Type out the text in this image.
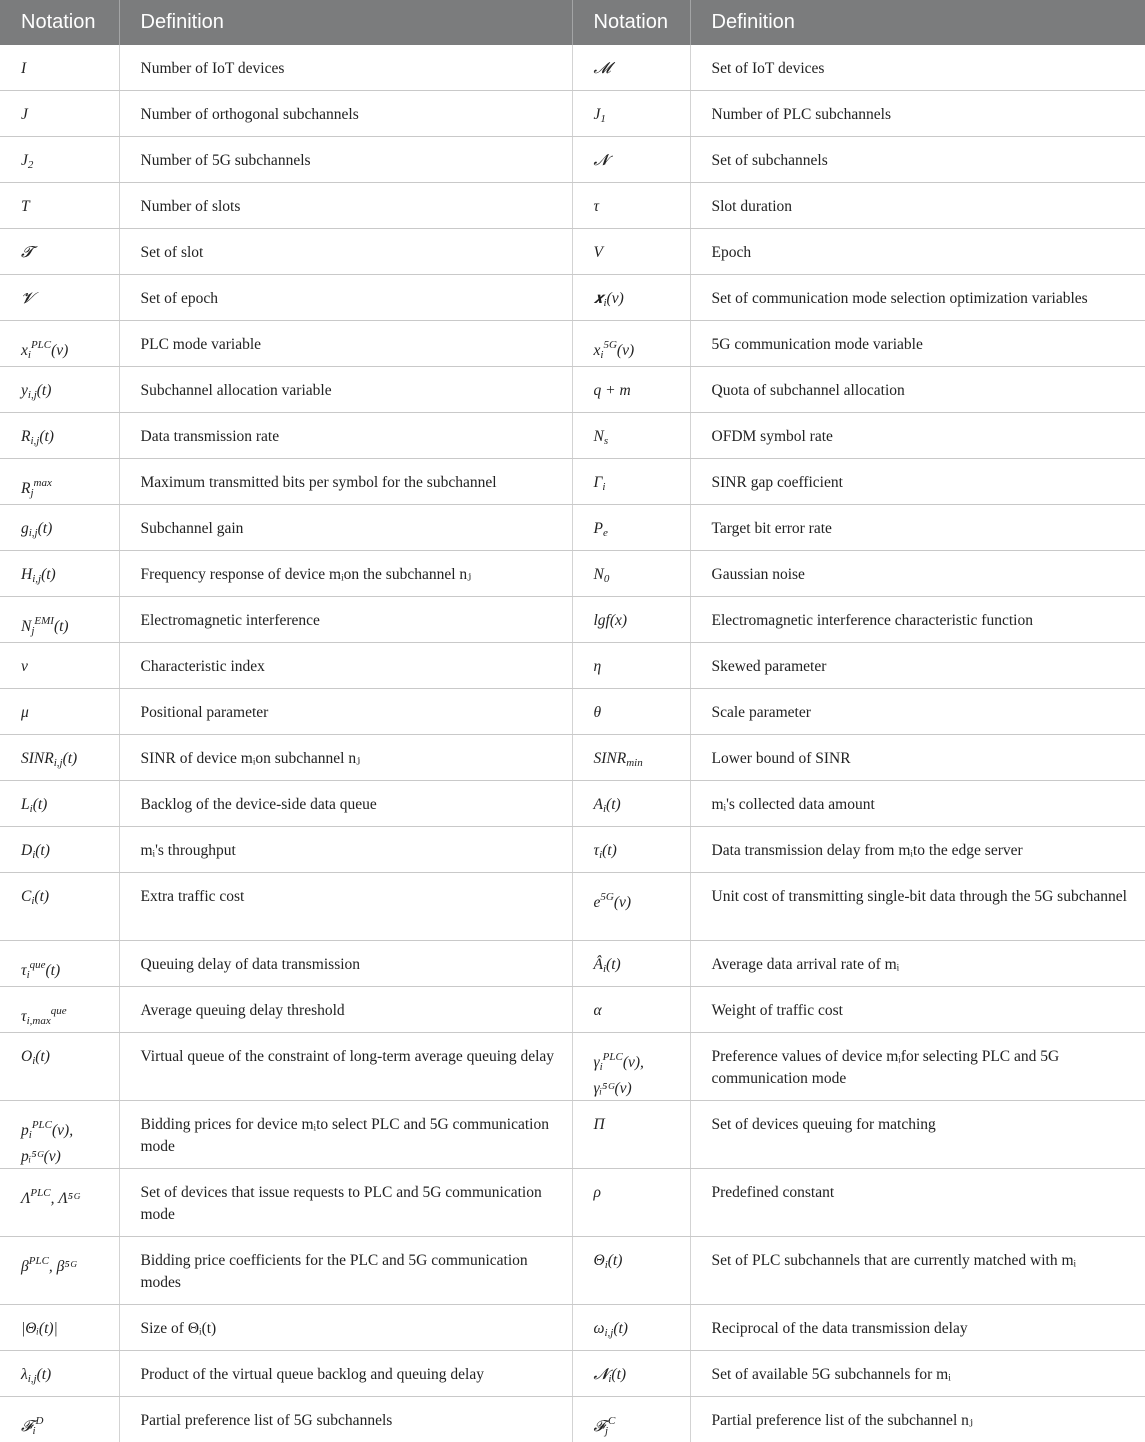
Notation	Definition	Notation	Definition
I	Number of IoT devices	𝓜	Set of IoT devices
J	Number of orthogonal subchannels	$J_1$	Number of PLC subchannels
$J_2$	Number of 5G subchannels	𝓝	Set of subchannels
T	Number of slots	τ	Slot duration
𝓣	Set of slot	V	Epoch
𝓥	Set of epoch	𝒙$_i$(v)	Set of communication mode selection optimization variables
$x_i^{PLC}(v)$	PLC mode variable	$x_i^{5G}(v)$	5G communication mode variable
$y_{i,j}(t)$	Subchannel allocation variable	q + m	Quota of subchannel allocation
$R_{i,j}(t)$	Data transmission rate	$N_s$	OFDM symbol rate
$R_j^{max}$	Maximum transmitted bits per symbol for the subchannel	$\Gamma_i$	SINR gap coefficient
$g_{i,j}(t)$	Subchannel gain	$P_e$	Target bit error rate
$H_{i,j}(t)$	Frequency response of device mᵢon the subchannel nⱼ	$N_0$	Gaussian noise
$N_j^{EMI}(t)$	Electromagnetic interference	lgf(x)	Electromagnetic interference characteristic function
v	Characteristic index	η	Skewed parameter
μ	Positional parameter	θ	Scale parameter
$SINR_{i,j}(t)$	SINR of device mᵢon subchannel nⱼ	$SINR_{min}$	Lower bound of SINR
$L_i(t)$	Backlog of the device-side data queue	$A_i(t)$	mᵢ's collected data amount
$D_i(t)$	mᵢ's throughput	$\tau_i(t)$	Data transmission delay from mᵢto the edge server
$C_i(t)$	Extra traffic cost	$e^{5G}(v)$	Unit cost of transmitting single-bit data through the 5G subchannel
$\tau_i^{que}(t)$	Queuing delay of data transmission	$Â_i(t)$	Average data arrival rate of mᵢ
$\tau_{i,max}^{que}$	Average queuing delay threshold	α	Weight of traffic cost
$O_i(t)$	Virtual queue of the constraint of long-term average queuing delay	$\gamma_i^{PLC}(v)$, γᵢ⁵ᴳ(v)	Preference values of device mᵢfor selecting PLC and 5G communication mode
$p_i^{PLC}(v)$, pᵢ⁵ᴳ(v)	Bidding prices for device mᵢto select PLC and 5G communication mode	Π	Set of devices queuing for matching
$\Lambda^{PLC}$, Λ⁵ᴳ	Set of devices that issue requests to PLC and 5G communication mode	ρ	Predefined constant
$\beta^{PLC}$, β⁵ᴳ	Bidding price coefficients for the PLC and 5G communication modes	$\Theta_i(t)$	Set of PLC subchannels that are currently matched with mᵢ
|Θᵢ(t)|	Size of Θᵢ(t)	$\omega_{i,j}(t)$	Reciprocal of the data transmission delay
$\lambda_{i,j}(t)$	Product of the virtual queue backlog and queuing delay	𝓝$_i$(t)	Set of available 5G subchannels for mᵢ
𝓕$_i^D$	Partial preference list of 5G subchannels	𝓕$_j^C$	Partial preference list of the subchannel nⱼ
